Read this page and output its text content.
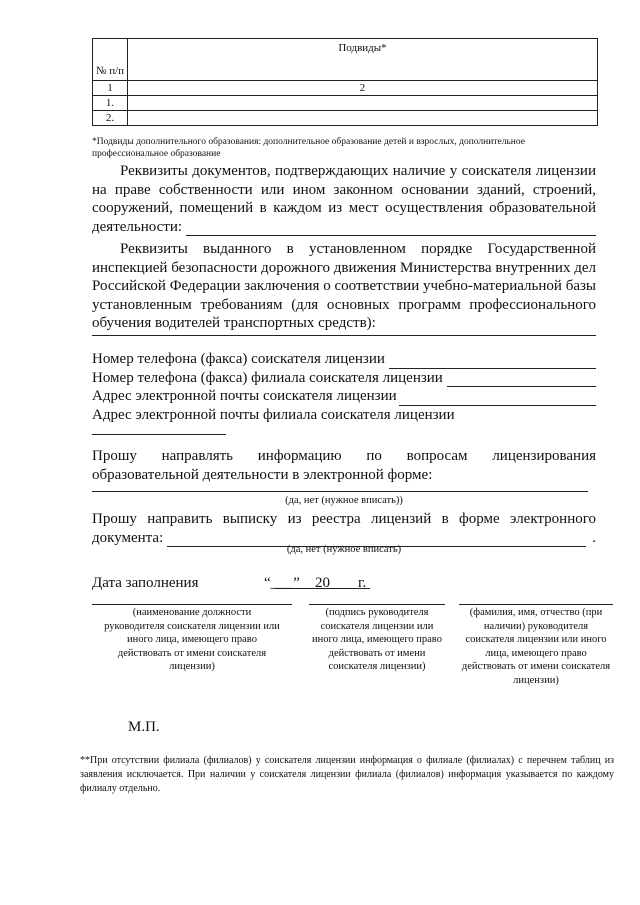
№ п/п	Подвиды*
1	2
1.	
2.	
*Подвиды дополнительного образования: дополнительное образование детей и взрослых, дополнительное профессиональное образование
Реквизиты документов, подтверждающих наличие у соискателя лицензии
на праве собственности или ином законном основании зданий, строений,
сооружений, помещений в каждом из мест осуществления образовательной
деятельности:
Реквизиты выданного в установленном порядке Государственной
инспекцией безопасности дорожного движения Министерства внутренних дел
Российской Федерации заключения о соответствии учебно-материальной базы
установленным требованиям (для основных программ профессионального
обучения водителей транспортных средств):
Номер телефона (факса) соискателя лицензии
Номер телефона (факса) филиала соискателя лицензии
Адрес электронной почты соискателя лицензии
Адрес электронной почты филиала соискателя лицензии
Прошу направлять информацию по вопросам лицензирования
образовательной деятельности в электронной форме:
(да, нет (нужное вписать))
Прошу направить выписку из реестра лицензий в форме электронного
документа:	.
(да, нет (нужное вписать)
Дата заполнения	“___” 20 г.
(наименование должности руководителя соискателя лицензии или иного лица, имеющего право действовать от имени соискателя лицензии)
(подпись руководителя соискателя лицензии или иного лица, имеющего право действовать от имени соискателя лицензии)
(фамилия, имя, отчество (при наличии) руководителя соискателя лицензии или иного лица, имеющего право действовать от имени соискателя лицензии)
М.П.
**При отсутствии филиала (филиалов) у соискателя лицензии информация о филиале (филиалах) с перечнем таблиц из заявления исключается. При наличии у соискателя лицензии филиала (филиалов) информация указывается по каждому филиалу отдельно.
